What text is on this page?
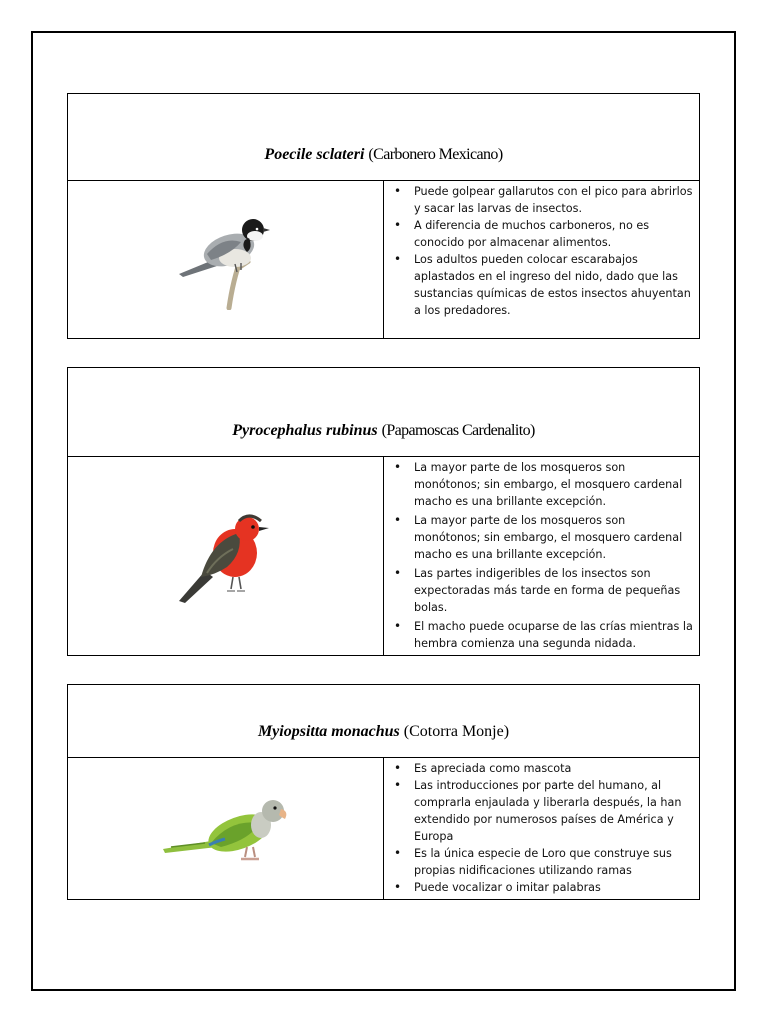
Poecile sclateri
(Carbonero Mexicano)
• Puede golpear gallarutos con el pico para abrirlos y sacar las larvas de insectos.
• A diferencia de muchos carboneros, no es conocido por almacenar alimentos.
• Los adultos pueden colocar escarabajos aplastados en el ingreso del nido, dado que las sustancias químicas de estos insectos ahuyentan a los predadores.
Pyrocephalus rubinus
(Papamoscas Cardenalito)
• La mayor parte de los mosqueros son monótonos; sin embargo, el mosquero cardenal macho es una brillante excepción.
• La mayor parte de los mosqueros son monótonos; sin embargo, el mosquero cardenal macho es una brillante excepción.
• Las partes indigeribles de los insectos son expectoradas más tarde en forma de pequeñas bolas.
• El macho puede ocuparse de las crías mientras la hembra comienza una segunda nidada.
Myiopsitta monachus
(Cotorra Monje)
• Es apreciada como mascota
• Las introducciones por parte del humano, al comprarla enjaulada y liberarla después, la han extendido por numerosos países de América y Europa
• Es la única especie de Loro que construye sus propias nidificaciones utilizando ramas
• Puede vocalizar o imitar palabras
